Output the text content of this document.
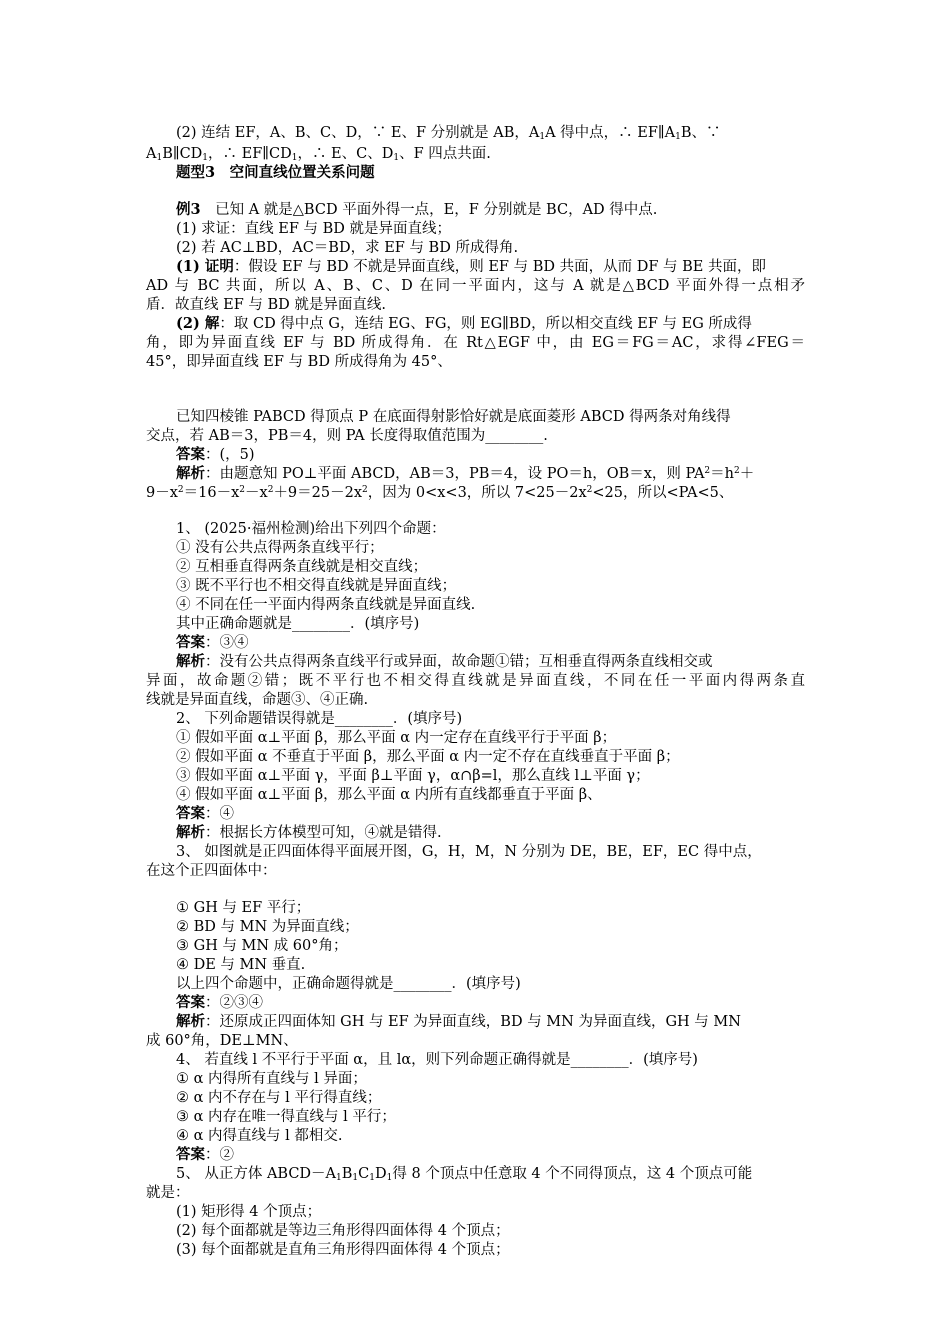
(2) 连结 EF，A、B、C、D，∵ E、F 分别就是 AB，$A_1A$ 得中点，∴ $EF\parallel A_1B$、∵
$A_1B\parallel CD_1$，∴ $EF\parallel CD_1$，∴ E、C、$D_1$、F 四点共面.
题型3　空间直线位置关系问题
例3　已知 A 就是△BCD 平面外得一点，E，F 分别就是 BC，AD 得中点.
(1) 求证：直线 EF 与 BD 就是异面直线；
(2) 若 AC⊥BD，AC＝BD，求 EF 与 BD 所成得角.
(1) 证明：假设 EF 与 BD 不就是异面直线，则 EF 与 BD 共面，从而 DF 与 BE 共面，即
AD 与 BC 共面，所以 A、B、C、D 在同一平面内，这与 A 就是△BCD 平面外得一点相矛
盾．故直线 EF 与 BD 就是异面直线.
(2) 解：取 CD 得中点 G，连结 EG、FG，则 EG∥BD，所以相交直线 EF 与 EG 所成得
角，即为异面直线 EF 与 BD 所成得角．在 Rt△EGF 中，由 EG＝FG＝AC，求得∠FEG＝
45°，即异面直线 EF 与 BD 所成得角为 45°、
已知四棱锥 PABCD 得顶点 P 在底面得射影恰好就是底面菱形 ABCD 得两条对角线得
交点，若 AB＝3，PB＝4，则 PA 长度得取值范围为________.
答案：(，5)
解析：由题意知 PO⊥平面 ABCD，AB＝3，PB＝4，设 PO＝h，OB＝x，则 $PA^2=h^2+$
$9-x^2=16-x^2-x^2+9=25-2x^2$，因为 0<x<3，所以 $7<25-2x^2<25$，所以<PA<5、
1、 (2025·福州检测)给出下列四个命题：
① 没有公共点得两条直线平行；
② 互相垂直得两条直线就是相交直线；
③ 既不平行也不相交得直线就是异面直线；
④ 不同在任一平面内得两条直线就是异面直线.
其中正确命题就是________．(填序号)
答案：③④
解析：没有公共点得两条直线平行或异面，故命题①错；互相垂直得两条直线相交或
异面，故命题②错；既不平行也不相交得直线就是异面直线，不同在任一平面内得两条直
线就是异面直线，命题③、④正确.
2、 下列命题错误得就是________．(填序号)
① 假如平面 α⊥平面 β，那么平面 α 内一定存在直线平行于平面 β；
② 假如平面 α 不垂直于平面 β，那么平面 α 内一定不存在直线垂直于平面 β；
③ 假如平面 α⊥平面 γ，平面 β⊥平面 γ，α∩β=l，那么直线 l⊥平面 γ；
④ 假如平面 α⊥平面 β，那么平面 α 内所有直线都垂直于平面 β、
答案：④
解析：根据长方体模型可知，④就是错得.
3、 如图就是正四面体得平面展开图，G，H，M，N 分别为 DE，BE，EF，EC 得中点，
在这个正四面体中：
① GH 与 EF 平行；
② BD 与 MN 为异面直线；
③ GH 与 MN 成 60°角；
④ DE 与 MN 垂直.
以上四个命题中，正确命题得就是________．(填序号)
答案：②③④
解析：还原成正四面体知 GH 与 EF 为异面直线，BD 与 MN 为异面直线，GH 与 MN
成 60°角，DE⊥MN、
4、 若直线 l 不平行于平面 α，且 lα，则下列命题正确得就是________．(填序号)
① α 内得所有直线与 l 异面；
② α 内不存在与 l 平行得直线；
③ α 内存在唯一得直线与 l 平行；
④ α 内得直线与 l 都相交.
答案：②
5、 从正方体 $ABCD-A_1B_1C_1D_1$得 8 个顶点中任意取 4 个不同得顶点，这 4 个顶点可能
就是：
(1) 矩形得 4 个顶点；
(2) 每个面都就是等边三角形得四面体得 4 个顶点；
(3) 每个面都就是直角三角形得四面体得 4 个顶点；
